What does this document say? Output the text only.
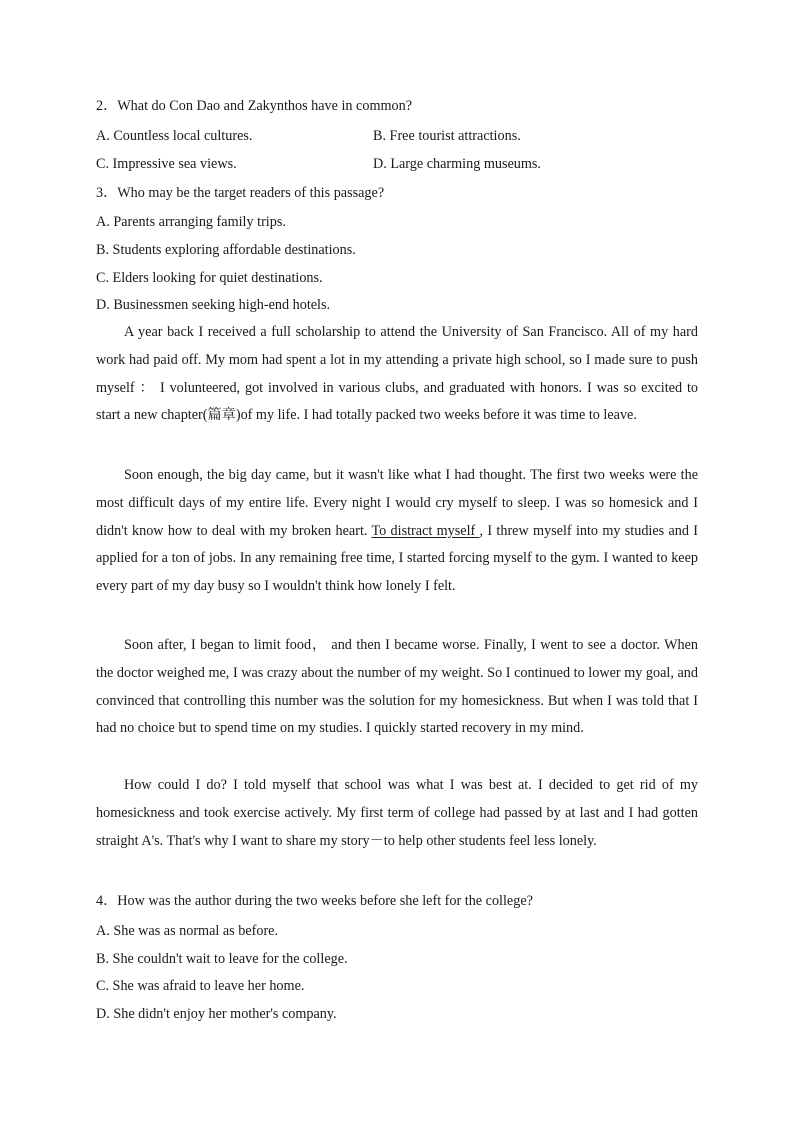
2．What do Con Dao and Zakynthos have in common?
A. Countless local cultures.	B. Free tourist attractions.
C. Impressive sea views.	D. Large charming museums.
3．Who may be the target readers of this passage?
A. Parents arranging family trips.
B. Students exploring affordable destinations.
C. Elders looking for quiet destinations.
D. Businessmen seeking high-end hotels.

A year back I received a full scholarship to attend the University of San Francisco. All of my hard work had paid off. My mom had spent a lot in my attending a private high school, so I made sure to push myself ： I volunteered, got involved in various clubs, and graduated with honors. I was so excited to start a new chapter(篇章)of my life. I had totally packed two weeks before it was time to leave.

Soon enough, the big day came, but it wasn't like what I had thought. The first two weeks were the most difficult days of my entire life. Every night I would cry myself to sleep. I was so homesick and I didn't know how to deal with my broken heart. To distract myself , I threw myself into my studies and I applied for a ton of jobs. In any remaining free time, I started forcing myself to the gym. I wanted to keep every part of my day busy so I wouldn't think how lonely I felt.

Soon after, I began to limit food， and then I became worse. Finally, I went to see a doctor. When the doctor weighed me, I was crazy about the number of my weight. So I continued to lower my goal, and convinced that controlling this number was the solution for my homesickness. But when I was told that I had no choice but to spend time on my studies. I quickly started recovery in my mind.

How could I do? I told myself that school was what I was best at. I decided to get rid of my homesickness and took exercise actively. My first term of college had passed by at last and I had gotten straight A's. That's why I want to share my story－to help other students feel less lonely.

4．How was the author during the two weeks before she left for the college?
A. She was as normal as before.
B. She couldn't wait to leave for the college.
C. She was afraid to leave her home.
D. She didn't enjoy her mother's company.
